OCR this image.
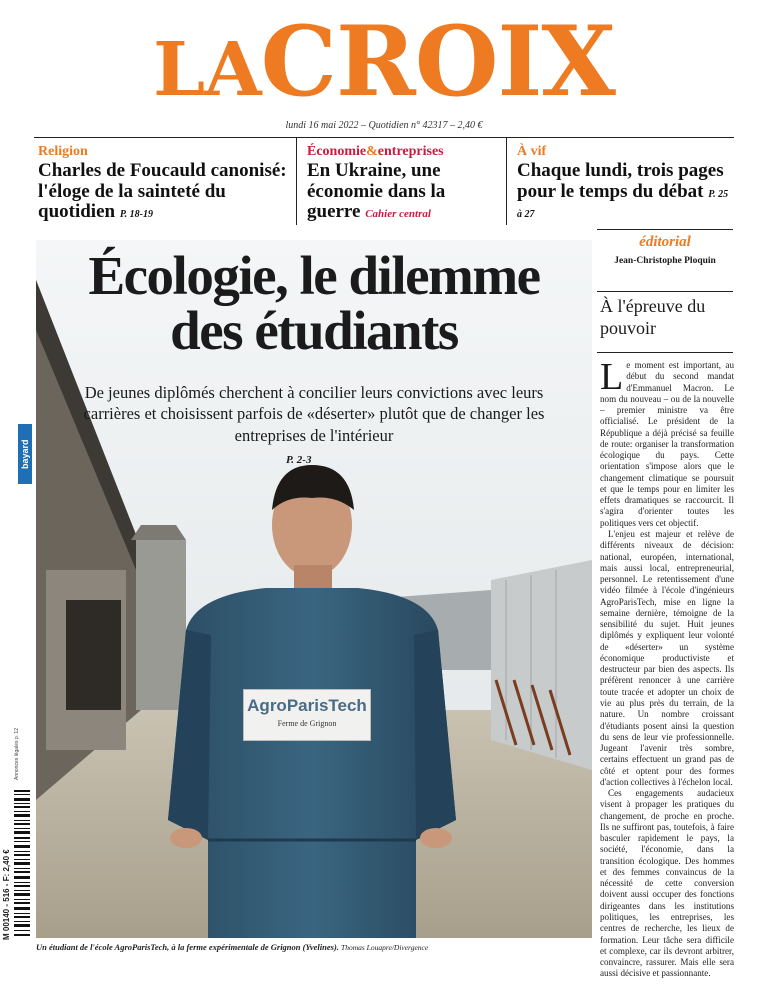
LACROIX
lundi 16 mai 2022 – Quotidien n° 42317 – 2,40 €
Religion
Charles de Foucauld canonisé: l'éloge de la sainteté du quotidien P. 18-19
Économie&entreprises
En Ukraine, une économie dans la guerre Cahier central
À vif
Chaque lundi, trois pages pour le temps du débat P. 25 à 27
Écologie, le dilemme
des étudiants
De jeunes diplômés cherchent à concilier leurs convictions avec leurs carrières et choisissent parfois de «déserter» plutôt que de changer les entreprises de l'intérieur
P. 2-3
AgroParisTech
Ferme de Grignon
Un étudiant de l'école AgroParisTech, à la ferme expérimentale de Grignon (Yvelines). Thomas Louapre/Divergence
bayard
Annonces légales p. 12
M 00140 - 516 - F: 2,40 €
éditorial
Jean-Christophe Ploquin
À l'épreuve du pouvoir

Le moment est important, au début du second mandat d'Emmanuel Macron. Le nom du nouveau – ou de la nouvelle – premier ministre va être officialisé. Le président de la République a déjà précisé sa feuille de route: organiser la transformation écologique du pays. Cette orientation s'impose alors que le changement climatique se poursuit et que le temps pour en limiter les effets dramatiques se raccourcit. Il s'agira d'orienter toutes les politiques vers cet objectif.

L'enjeu est majeur et relève de différents niveaux de décision: national, européen, international, mais aussi local, entrepreneurial, personnel. Le retentissement d'une vidéo filmée à l'école d'ingénieurs AgroParisTech, mise en ligne la semaine dernière, témoigne de la sensibilité du sujet. Huit jeunes diplômés y expliquent leur volonté de «déserter» un système économique productiviste et destructeur par bien des aspects. Ils préfèrent renoncer à une carrière toute tracée et adopter un choix de vie au plus près du terrain, de la nature. Un nombre croissant d'étudiants posent ainsi la question du sens de leur vie professionnelle. Jugeant l'avenir très sombre, certains effectuent un grand pas de côté et optent pour des formes d'action collectives à l'échelon local.

Ces engagements audacieux visent à propager les pratiques du changement, de proche en proche. Ils ne suffiront pas, toutefois, à faire basculer rapidement le pays, la société, l'économie, dans la transition écologique. Des hommes et des femmes convaincus de la nécessité de cette conversion doivent aussi occuper des fonctions dirigeantes dans les institutions politiques, les entreprises, les centres de recherche, les lieux de formation. Leur tâche sera difficile et complexe, car ils devront arbitrer, convaincre, rassurer. Mais elle sera aussi décisive et passionnante.
